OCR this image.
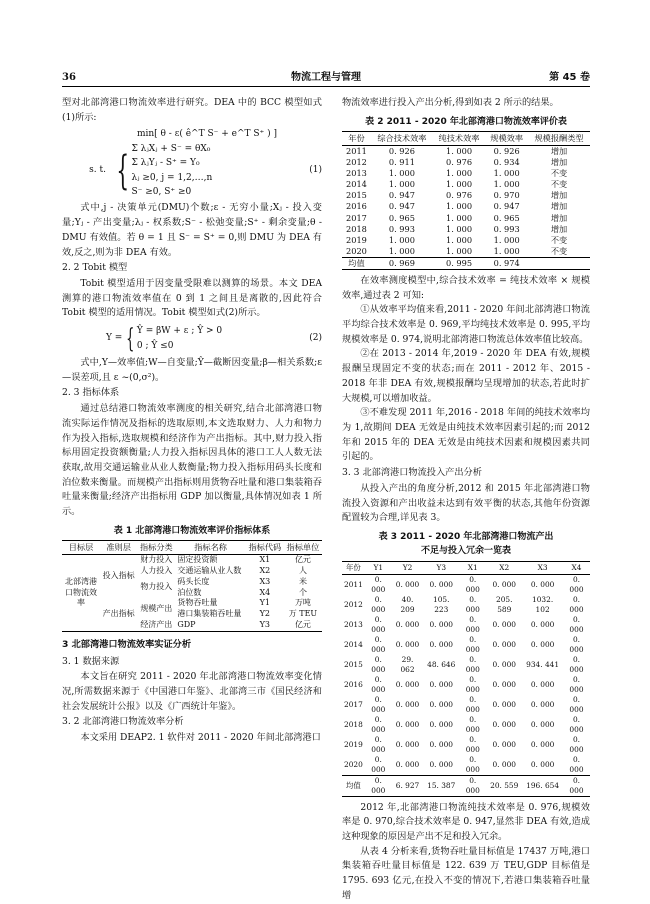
36	物流工程与管理	第 45 卷

型对北部湾港口物流效率进行研究。DEA 中的 BCC 模型如式(1)所示:

min[ θ - ε( ê^T S⁻ + e^T S⁺ ) ]
s. t. { Σ λⱼXⱼ + S⁻ = θX₀
Σ λⱼYⱼ - S⁺ = Y₀
λⱼ ≥0, j = 1,2,…,n
S⁻ ≥0, S⁺ ≥0
(1)

式中,j - 决策单元(DMU)个数;ε - 无穷小量;Xⱼ - 投入变量;Yⱼ - 产出变量;λⱼ - 权系数;S⁻ - 松弛变量;S⁺ - 剩余变量;θ - DMU 有效值。若 θ = 1 且 S⁻ = S⁺ = 0,则 DMU 为 DEA 有效,反之,则为非 DEA 有效。

2. 2 Tobit 模型

Tobit 模型适用于因变量受限难以测算的场景。本文 DEA 测算的港口物流效率值在 0 到 1 之间且是离散的,因此符合 Tobit 模型的适用情况。Tobit 模型如式(2)所示。

Y = { Ŷ = βW + ε ; Ŷ > 0
0 ; Ŷ ≤0
(2)

式中,Y—效率值;W—自变量;Ŷ—截断因变量;β—相关系数;ε—误差项,且 ε ~(0,σ²)。

2. 3 指标体系

通过总结港口物流效率测度的相关研究,结合北部湾港口物流实际运作情况及指标的选取原则,本文选取财力、人力和物力作为投入指标,选取规模和经济作为产出指标。其中,财力投入指标用固定投资额衡量;人力投入指标因具体的港口工人人数无法获取,故用交通运输业从业人数衡量;物力投入指标用码头长度和泊位数来衡量。而规模产出指标则用货物吞吐量和港口集装箱吞吐量来衡量;经济产出指标用 GDP 加以衡量,具体情况如表 1 所示。

表 1 北部湾港口物流效率评价指标体系
目标层	准则层	指标分类	指标名称	指标代码	指标单位
北部湾港口物流效率	投入指标	财力投入	固定投资额	X1	亿元
		人力投入	交通运输从业人数	X2	人
		物力投入	码头长度	X3	米
			泊位数	X4	个
	产出指标	规模产出	货物吞吐量	Y1	万吨
			港口集装箱吞吐量	Y2	万 TEU
		经济产出	GDP	Y3	亿元
3 北部湾港口物流效率实证分析
3. 1 数据来源

本文旨在研究 2011 - 2020 年北部湾港口物流效率变化情况,所需数据来源于《中国港口年鉴》、北部湾三市《国民经济和社会发展统计公报》以及《广西统计年鉴》。

3. 2 北部湾港口物流效率分析

本文采用 DEAP2. 1 软件对 2011 - 2020 年间北部湾港口

物流效率进行投入产出分析,得到如表 2 所示的结果。

表 2 2011 - 2020 年北部湾港口物流效率评价表
年份	综合技术效率	纯技术效率	规模效率	规模报酬类型
2011	0. 926	1. 000	0. 926	增加
2012	0. 911	0. 976	0. 934	增加
2013	1. 000	1. 000	1. 000	不变
2014	1. 000	1. 000	1. 000	不变
2015	0. 947	0. 976	0. 970	增加
2016	0. 947	1. 000	0. 947	增加
2017	0. 965	1. 000	0. 965	增加
2018	0. 993	1. 000	0. 993	增加
2019	1. 000	1. 000	1. 000	不变
2020	1. 000	1. 000	1. 000	不变
均值	0. 969	0. 995	0. 974	

在效率测度模型中,综合技术效率 = 纯技术效率 × 规模效率,通过表 2 可知:

①从效率平均值来看,2011 - 2020 年间北部湾港口物流平均综合技术效率是 0. 969,平均纯技术效率是 0. 995,平均规模效率是 0. 974,说明北部湾港口物流总体效率值比较高。

②在 2013 - 2014 年,2019 - 2020 年 DEA 有效,规模报酬呈现固定不变的状态;而在 2011 - 2012 年、2015 - 2018 年非 DEA 有效,规模报酬均呈现增加的状态,若此时扩大规模,可以增加收益。

③不难发现 2011 年,2016 - 2018 年间的纯技术效率均为 1,故期间 DEA 无效是由纯技术效率因素引起的;而 2012 年和 2015 年的 DEA 无效是由纯技术因素和规模因素共同引起的。

3. 3 北部湾港口物流投入产出分析

从投入产出的角度分析,2012 和 2015 年北部湾港口物流投入资源和产出收益未达到有效平衡的状态,其他年份资源配置较为合理,详见表 3。

表 3 2011 - 2020 年北部湾港口物流产出
不足与投入冗余一览表
年份	Y1	Y2	Y3	X1	X2	X3	X4
2011	0. 000	0. 000	0. 000	0. 000	0. 000	0. 000	0. 000
2012	0. 000	40. 209	105. 223	0. 000	205. 589	1032. 102	0. 000
2013	0. 000	0. 000	0. 000	0. 000	0. 000	0. 000	0. 000
2014	0. 000	0. 000	0. 000	0. 000	0. 000	0. 000	0. 000
2015	0. 000	29. 062	48. 646	0. 000	0. 000	934. 441	0. 000
2016	0. 000	0. 000	0. 000	0. 000	0. 000	0. 000	0. 000
2017	0. 000	0. 000	0. 000	0. 000	0. 000	0. 000	0. 000
2018	0. 000	0. 000	0. 000	0. 000	0. 000	0. 000	0. 000
2019	0. 000	0. 000	0. 000	0. 000	0. 000	0. 000	0. 000
2020	0. 000	0. 000	0. 000	0. 000	0. 000	0. 000	0. 000
均值	0. 000	6. 927	15. 387	0. 000	20. 559	196. 654	0. 000

2012 年,北部湾港口物流纯技术效率是 0. 976,规模效率是 0. 970,综合技术效率是 0. 947,显然非 DEA 有效,造成这种现象的原因是产出不足和投入冗余。

从表 4 分析来看,货物吞吐量目标值是 17437 万吨,港口集装箱吞吐量目标值是 122. 639 万 TEU,GDP 目标值是 1795. 693 亿元,在投入不变的情况下,若港口集装箱吞吐量增
